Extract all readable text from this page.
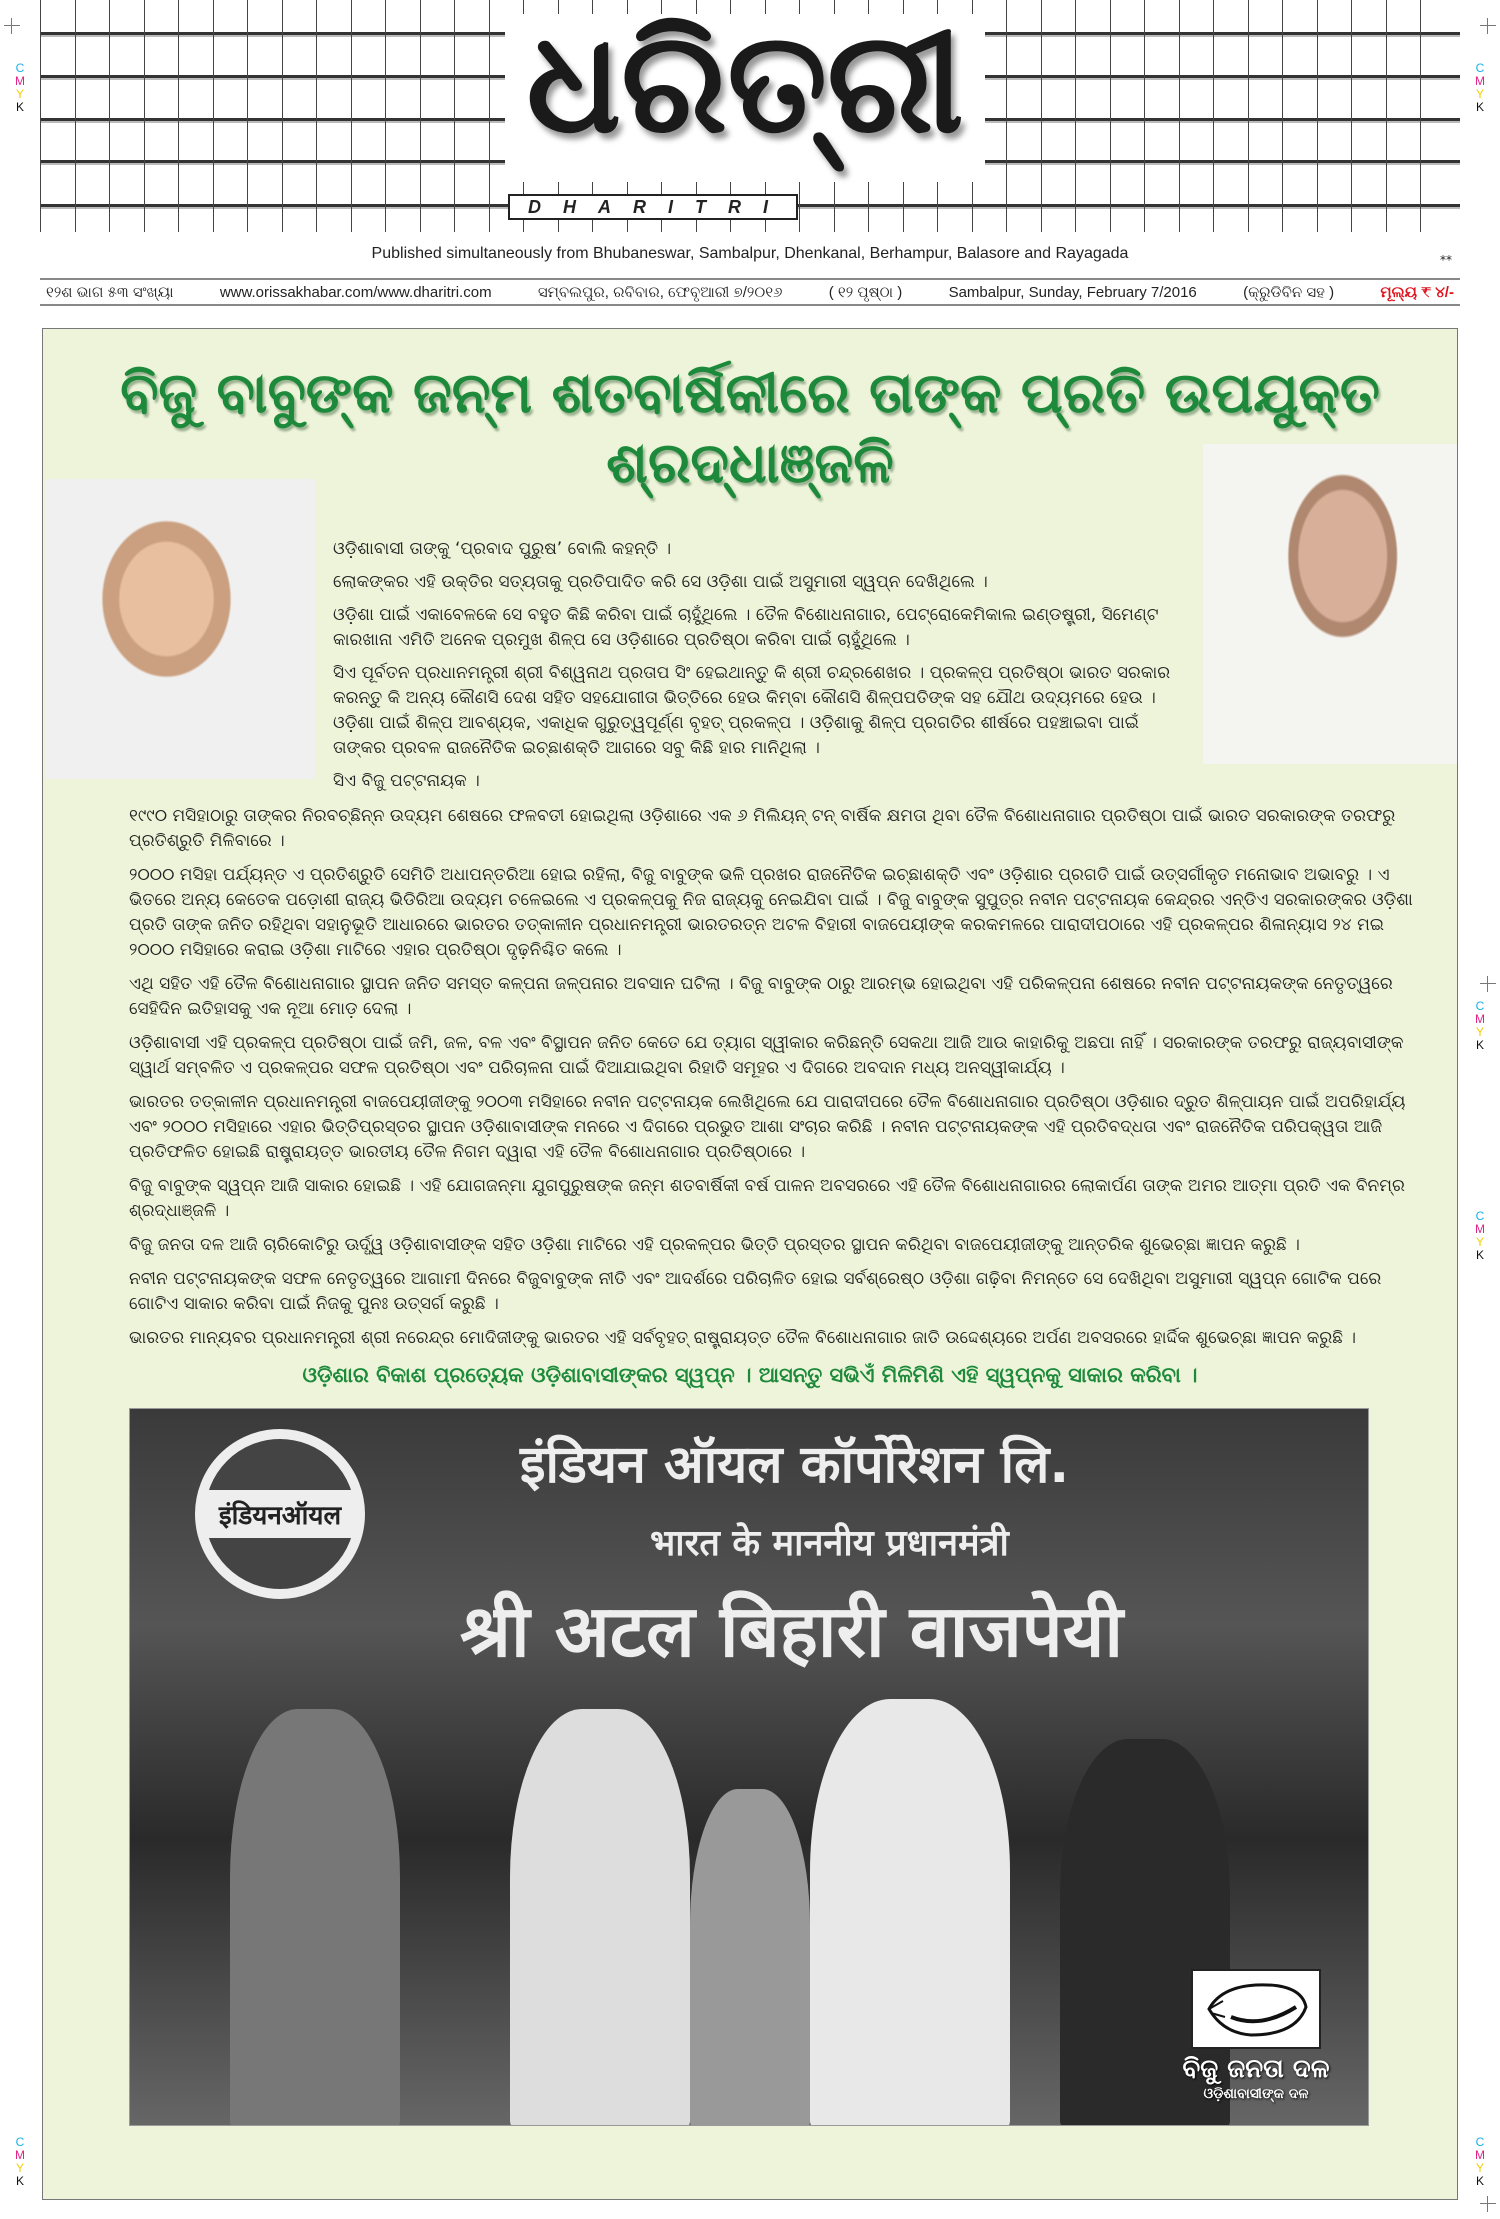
C
M
Y
K
C
M
Y
K
C
M
Y
K
C
M
Y
K
C
M
Y
K
C
M
Y
K
ଧରିତ୍ରୀ
DHARITRI
Published simultaneously from Bhubaneswar, Sambalpur, Dhenkanal, Berhampur, Balasore and Rayagada	**
୧୨ଶ ଭାଗ ୫୩ ସଂଖ୍ୟା	www.orissakhabar.com/www.dharitri.com	ସମ୍ବଲପୁର, ରବିବାର, ଫେବୃଆରୀ ୭/୨୦୧୬	( ୧୨ ପୃଷ୍ଠା )	Sambalpur, Sunday, February 7/2016	(କ୍ରୁଡିବିନ ସହ )	ମୂଲ୍ୟ ₹ ୪/-
ବିଜୁ ବାବୁଙ୍କ ଜନ୍ମ ଶତବାର୍ଷିକୀରେ ତାଙ୍କ ପ୍ରତି ଉପଯୁକ୍ତ ଶ୍ରଦ୍ଧାଞ୍ଜଳି

ଓଡ଼ିଶାବାସୀ ତାଙ୍କୁ ‘ପ୍ରବାଦ ପୁରୁଷ’ ବୋଲି କହନ୍ତି ।

ଲୋକଙ୍କର ଏହି ଉକ୍ତିର ସତ୍ୟତାକୁ ପ୍ରତିପାଦିତ କରି ସେ ଓଡ଼ିଶା ପାଇଁ ଅସୁମାରୀ ସ୍ୱପ୍ନ ଦେଖିଥିଲେ ।

ଓଡ଼ିଶା ପାଇଁ ଏକାବେଳକେ ସେ ବହୁତ କିଛି କରିବା ପାଇଁ ଚାହୁଁଥିଲେ । ତୈଳ ବିଶୋଧନାଗାର, ପେଟ୍ରୋକେମିକାଲ ଇଣ୍ଡଷ୍ଟ୍ରୀ, ସିମେଣ୍ଟ କାରଖାନା ଏମିତି ଅନେକ ପ୍ରମୁଖ ଶିଳ୍ପ ସେ ଓଡ଼ିଶାରେ ପ୍ରତିଷ୍ଠା କରିବା ପାଇଁ ଚାହୁଁଥିଲେ ।

ସିଏ ପୂର୍ବତନ ପ୍ରଧାନମନ୍ତ୍ରୀ ଶ୍ରୀ ବିଶ୍ୱନାଥ ପ୍ରତାପ ସିଂ ହେଇଥାନ୍ତୁ କି ଶ୍ରୀ ଚନ୍ଦ୍ରଶେଖର । ପ୍ରକଳ୍ପ ପ୍ରତିଷ୍ଠା ଭାରତ ସରକାର କରନ୍ତୁ କି ଅନ୍ୟ କୌଣସି ଦେଶ ସହିତ ସହଯୋଗୀତା ଭିତ୍ତିରେ ହେଉ କିମ୍ବା କୌଣସି ଶିଳ୍ପପତିଙ୍କ ସହ ଯୌଥ ଉଦ୍ୟମରେ ହେଉ । ଓଡ଼ିଶା ପାଇଁ ଶିଳ୍ପ ଆବଶ୍ୟକ, ଏକାଧିକ ଗୁରୁତ୍ୱପୂର୍ଣ୍ଣ ବୃହତ୍ ପ୍ରକଳ୍ପ । ଓଡ଼ିଶାକୁ ଶିଳ୍ପ ପ୍ରଗତିର ଶୀର୍ଷରେ ପହଞ୍ଚାଇବା ପାଇଁ ତାଙ୍କର ପ୍ରବଳ ରାଜନୈତିକ ଇଚ୍ଛାଶକ୍ତି ଆଗରେ ସବୁ କିଛି ହାର ମାନିଥିଲା ।

ସିଏ ବିଜୁ ପଟ୍ଟନାୟକ ।

୧୯୯୦ ମସିହାଠାରୁ ତାଙ୍କର ନିରବଚ୍ଛିନ୍ନ ଉଦ୍ୟମ ଶେଷରେ ଫଳବତୀ ହୋଇଥିଲା ଓଡ଼ିଶାରେ ଏକ ୬ ମିଲିୟନ୍ ଟନ୍ ବାର୍ଷିକ କ୍ଷମତା ଥିବା ତୈଳ ବିଶୋଧନାଗାର ପ୍ରତିଷ୍ଠା ପାଇଁ ଭାରତ ସରକାରଙ୍କ ତରଫରୁ ପ୍ରତିଶ୍ରୁତି ମିଳିବାରେ ।

୨୦୦୦ ମସିହା ପର୍ଯ୍ୟନ୍ତ ଏ ପ୍ରତିଶ୍ରୁତି ସେମିତି ଅଧାପନ୍ତରିଆ ହୋଇ ରହିଲା, ବିଜୁ ବାବୁଙ୍କ ଭଳି ପ୍ରଖର ରାଜନୈତିକ ଇଚ୍ଛାଶକ୍ତି ଏବଂ ଓଡ଼ିଶାର ପ୍ରଗତି ପାଇଁ ଉତ୍ସର୍ଗୀକୃତ ମନୋଭାବ ଅଭାବରୁ । ଏ ଭିତରେ ଅନ୍ୟ କେତେକ ପଡ଼ୋଶୀ ରାଜ୍ୟ ଭିଡିରିଆ ଉଦ୍ୟମ ଚଳେଇଲେ ଏ ପ୍ରକଳ୍ପକୁ ନିଜ ରାଜ୍ୟକୁ ନେଇଯିବା ପାଇଁ । ବିଜୁ ବାବୁଙ୍କ ସୁପୁତ୍ର ନବୀନ ପଟ୍ଟନାୟକ କେନ୍ଦ୍ରର ଏନ୍‌ଡିଏ ସରକାରଙ୍କର ଓଡ଼ିଶା ପ୍ରତି ତାଙ୍କ ଜନିତ ରହିଥିବା ସହାନୁଭୂତି ଆଧାରରେ ଭାରତର ତତ୍କାଳୀନ ପ୍ରଧାନମନ୍ତ୍ରୀ ଭାରତରତ୍ନ ଅଟଳ ବିହାରୀ ବାଜପେୟୀଙ୍କ କରକମଳରେ ପାରାଦୀପଠାରେ ଏହି ପ୍ରକଳ୍ପର ଶିଳାନ୍ୟାସ ୨୪ ମଇ ୨୦୦୦ ମସିହାରେ କରାଇ ଓଡ଼ିଶା ମାଟିରେ ଏହାର ପ୍ରତିଷ୍ଠା ଦୃଢ଼ନିଶ୍ଚିତ କଲେ ।

ଏଥି ସହିତ ଏହି ତୈଳ ବିଶୋଧନାଗାର ସ୍ଥାପନ ଜନିତ ସମସ୍ତ କଳ୍ପନା ଜଳ୍ପନାର ଅବସାନ ଘଟିଲା । ବିଜୁ ବାବୁଙ୍କ ଠାରୁ ଆରମ୍ଭ ହୋଇଥିବା ଏହି ପରିକଳ୍ପନା ଶେଷରେ ନବୀନ ପଟ୍ଟନାୟକଙ୍କ ନେତୃତ୍ୱରେ ସେହିଦିନ ଇତିହାସକୁ ଏକ ନୂଆ ମୋଡ଼ ଦେଲା ।

ଓଡ଼ିଶାବାସୀ ଏହି ପ୍ରକଳ୍ପ ପ୍ରତିଷ୍ଠା ପାଇଁ ଜମି, ଜଳ, ବଳ ଏବଂ ବିସ୍ଥାପନ ଜନିତ କେତେ ଯେ ତ୍ୟାଗ ସ୍ୱୀକାର କରିଛନ୍ତି ସେକଥା ଆଜି ଆଉ କାହାରିକୁ ଅଛପା ନାହିଁ । ସରକାରଙ୍କ ତରଫରୁ ରାଜ୍ୟବାସୀଙ୍କ ସ୍ୱାର୍ଥ ସମ୍ବଳିତ ଏ ପ୍ରକଳ୍ପର ସଫଳ ପ୍ରତିଷ୍ଠା ଏବଂ ପରିଚାଳନା ପାଇଁ ଦିଆଯାଇଥିବା ରିହାତି ସମୂହର ଏ ଦିଗରେ ଅବଦାନ ମଧ୍ୟ ଅନସ୍ୱୀକାର୍ଯ୍ୟ ।

ଭାରତର ତତ୍କାଳୀନ ପ୍ରଧାନମନ୍ତ୍ରୀ ବାଜପେୟୀଜୀଙ୍କୁ ୨୦୦୩ ମସିହାରେ ନବୀନ ପଟ୍ଟନାୟକ ଲେଖିଥିଲେ ଯେ ପାରାଦୀପରେ ତୈଳ ବିଶୋଧନାଗାର ପ୍ରତିଷ୍ଠା ଓଡ଼ିଶାର ଦ୍ରୁତ ଶିଳ୍ପାୟନ ପାଇଁ ଅପରିହାର୍ଯ୍ୟ ଏବଂ ୨୦୦୦ ମସିହାରେ ଏହାର ଭିତ୍ତିପ୍ରସ୍ତର ସ୍ଥାପନ ଓଡ଼ିଶାବାସୀଙ୍କ ମନରେ ଏ ଦିଗରେ ପ୍ରଭୁତ ଆଶା ସଂଚାର କରିଛି । ନବୀନ ପଟ୍ଟନାୟକଙ୍କ ଏହି ପ୍ରତିବଦ୍ଧତା ଏବଂ ରାଜନୈତିକ ପରିପକ୍ୱତା ଆଜି ପ୍ରତିଫଳିତ ହୋଇଛି ରାଷ୍ଟ୍ରାୟତ୍ତ ଭାରତୀୟ ତୈଳ ନିଗମ ଦ୍ୱାରା ଏହି ତୈଳ ବିଶୋଧନାଗାର ପ୍ରତିଷ୍ଠାରେ ।

ବିଜୁ ବାବୁଙ୍କ ସ୍ୱପ୍ନ ଆଜି ସାକାର ହୋଇଛି । ଏହି ଯୋଗଜନ୍ମା ଯୁଗପୁରୁଷଙ୍କ ଜନ୍ମ ଶତବାର୍ଷିକୀ ବର୍ଷ ପାଳନ ଅବସରରେ ଏହି ତୈଳ ବିଶୋଧନାଗାରର ଲୋକାର୍ପଣ ତାଙ୍କ ଅମର ଆତ୍ମା ପ୍ରତି ଏକ ବିନମ୍ର ଶ୍ରଦ୍ଧାଞ୍ଜଳି ।

ବିଜୁ ଜନତା ଦଳ ଆଜି ଚାରିକୋଟିରୁ ଊର୍ଦ୍ଧ୍ୱ ଓଡ଼ିଶାବାସୀଙ୍କ ସହିତ ଓଡ଼ିଶା ମାଟିରେ ଏହି ପ୍ରକଳ୍ପର ଭିତ୍ତି ପ୍ରସ୍ତର ସ୍ଥାପନ କରିଥିବା ବାଜପେୟୀଜୀଙ୍କୁ ଆନ୍ତରିକ ଶୁଭେଚ୍ଛା ଜ୍ଞାପନ କରୁଛି ।

ନବୀନ ପଟ୍ଟନାୟକଙ୍କ ସଫଳ ନେତୃତ୍ୱରେ ଆଗାମୀ ଦିନରେ ବିଜୁବାବୁଙ୍କ ନୀତି ଏବଂ ଆଦର୍ଶରେ ପରିଚାଳିତ ହୋଇ ସର୍ବଶ୍ରେଷ୍ଠ ଓଡ଼ିଶା ଗଢ଼ିବା ନିମନ୍ତେ ସେ ଦେଖିଥିବା ଅସୁମାରୀ ସ୍ୱପ୍ନ ଗୋଟିକ ପରେ ଗୋଟିଏ ସାକାର କରିବା ପାଇଁ ନିଜକୁ ପୁନଃ ଉତ୍ସର୍ଗ କରୁଛି ।

ଭାରତର ମାନ୍ୟବର ପ୍ରଧାନମନ୍ତ୍ରୀ ଶ୍ରୀ ନରେନ୍ଦ୍ର ମୋଦିଜୀଙ୍କୁ ଭାରତର ଏହି ସର୍ବବୃହତ୍ ରାଷ୍ଟ୍ରାୟତ୍ତ ତୈଳ ବିଶୋଧନାଗାର ଜାତି ଉଦ୍ଦେଶ୍ୟରେ ଅର୍ପଣ ଅବସରରେ ହାର୍ଦ୍ଦିକ ଶୁଭେଚ୍ଛା ଜ୍ଞାପନ କରୁଛି ।

ଓଡ଼ିଶାର ବିକାଶ ପ୍ରତ୍ୟେକ ଓଡ଼ିଶାବାସୀଙ୍କର ସ୍ୱପ୍ନ । ଆସନ୍ତୁ ସଭିଏଁ ମିଳିମିଶି ଏହି ସ୍ୱପ୍ନକୁ ସାକାର କରିବା ।
इंडियनऑयल
इंडियन ऑयल कॉर्पोरेशन लि.
भारत के माननीय प्रधानमंत्री
श्री अटल बिहारी वाजपेयी
ବିଜୁ ଜନତା ଦଳ
ଓଡ଼ିଶାବାସୀଙ୍କ ଦଳ
